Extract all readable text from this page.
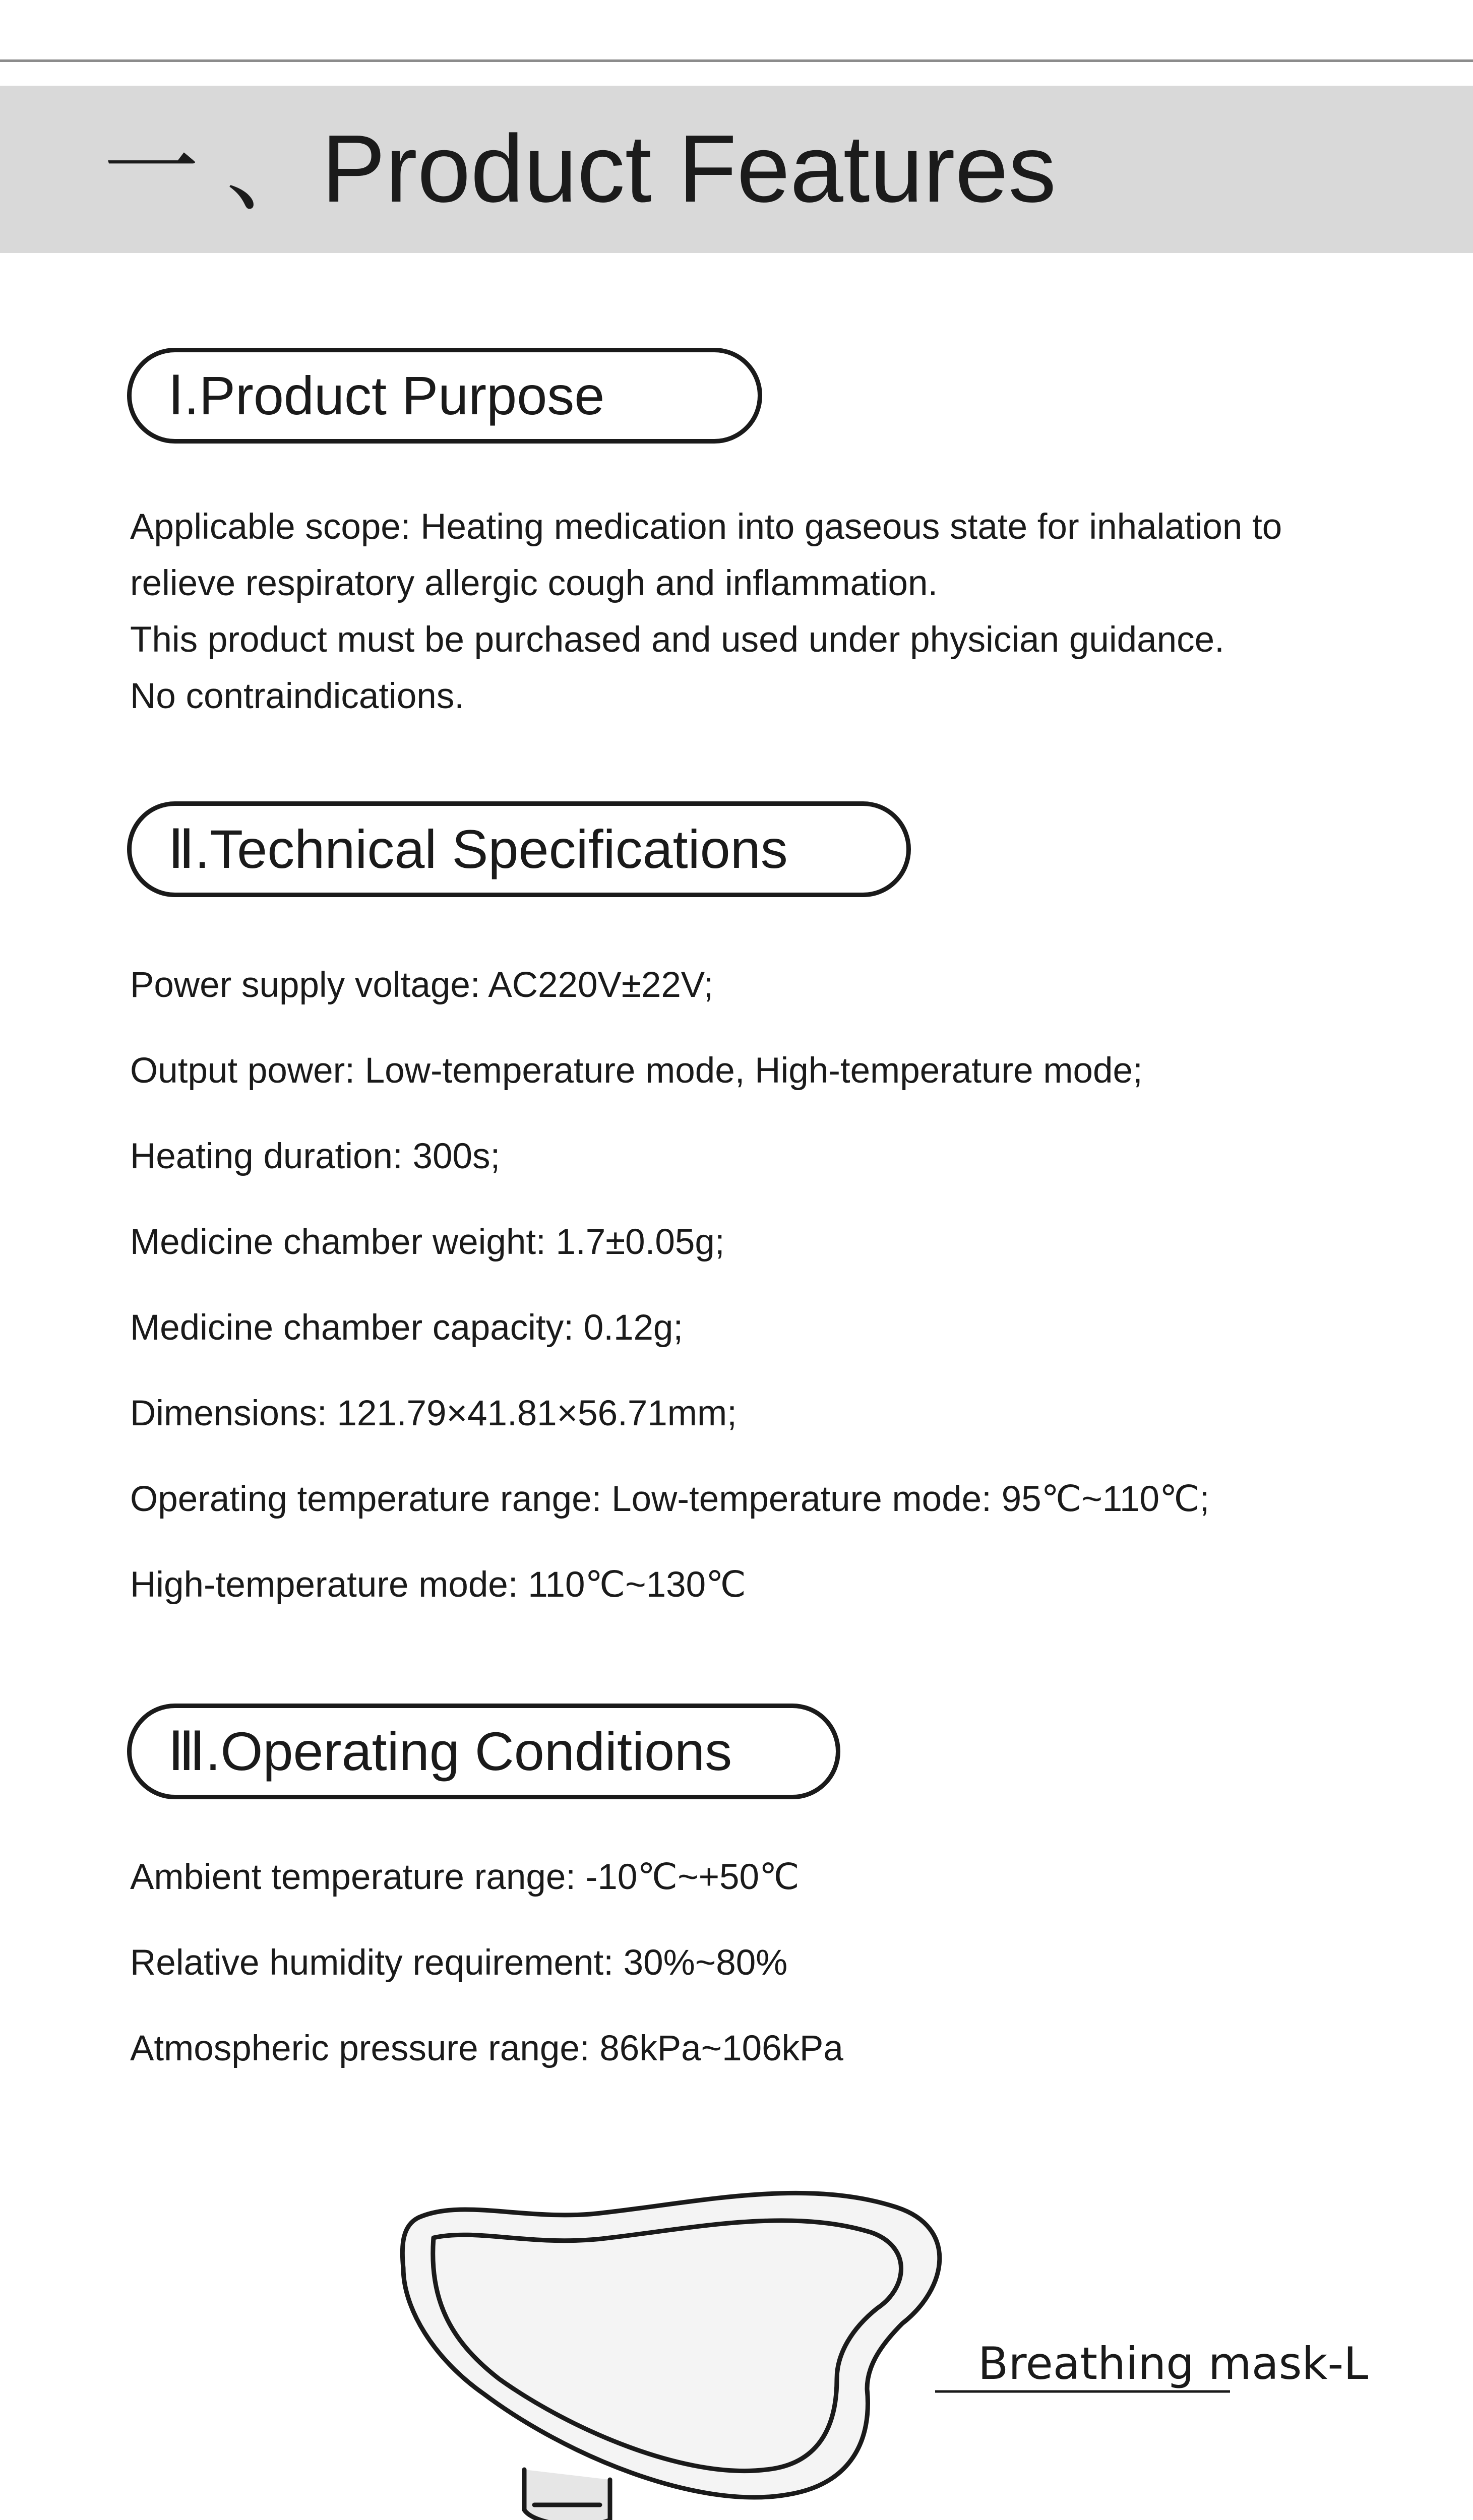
一 、Product Features
Ⅰ.Product Purpose
Applicable scope: Heating medication into gaseous state for inhalation to
relieve respiratory allergic cough and inflammation.
This product must be purchased and used under physician guidance.
No contraindications.
Ⅱ.Technical Specifications
Power supply voltage: AC220V±22V;
Output power: Low-temperature mode, High-temperature mode;
Heating duration: 300s;
Medicine chamber weight: 1.7±0.05g;
Medicine chamber capacity: 0.12g;
Dimensions: 121.79×41.81×56.71mm;
Operating temperature range: Low-temperature mode: 95℃~110℃;
High-temperature mode: 110℃~130℃
Ⅲ.Operating Conditions
Ambient temperature range: -10℃~+50℃
Relative humidity requirement: 30%~80%
Atmospheric pressure range: 86kPa~106kPa
Breathing mask-L
